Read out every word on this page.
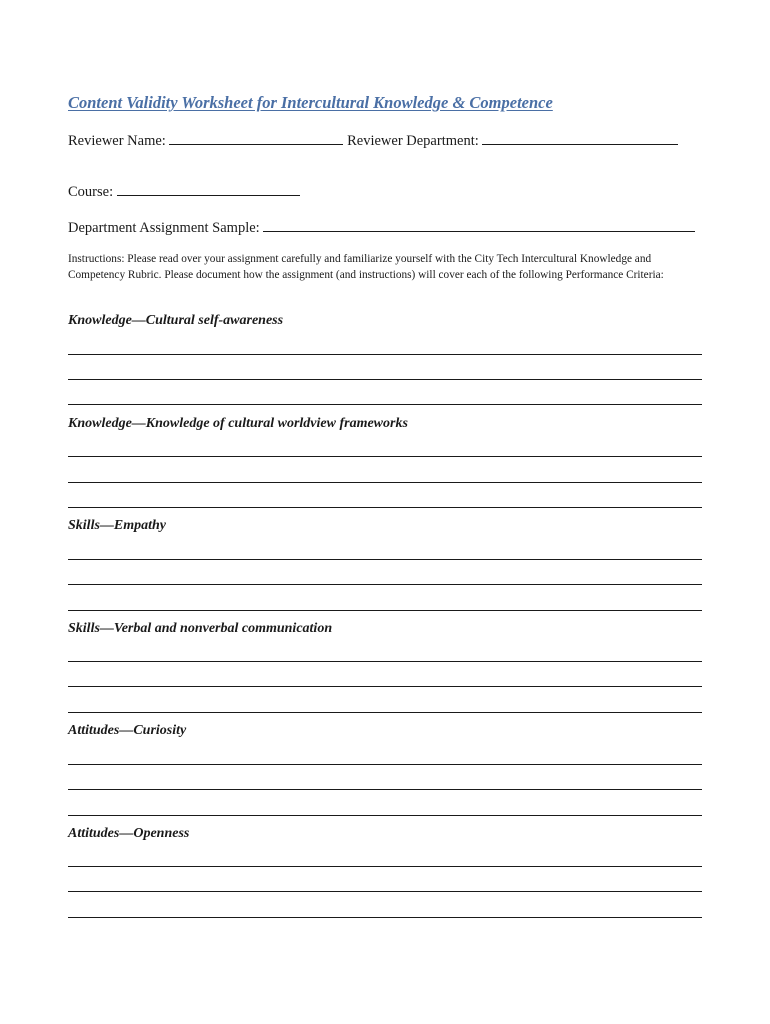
Content Validity Worksheet for Intercultural Knowledge & Competence
Reviewer Name:	Reviewer Department:
Course:
Department Assignment Sample:
Instructions: Please read over your assignment carefully and familiarize yourself with the City Tech Intercultural Knowledge and Competency Rubric. Please document how the assignment (and instructions) will cover each of the following Performance Criteria:
Knowledge—Cultural self-awareness
Knowledge—Knowledge of cultural worldview frameworks
Skills—Empathy
Skills—Verbal and nonverbal communication
Attitudes—Curiosity
Attitudes—Openness
